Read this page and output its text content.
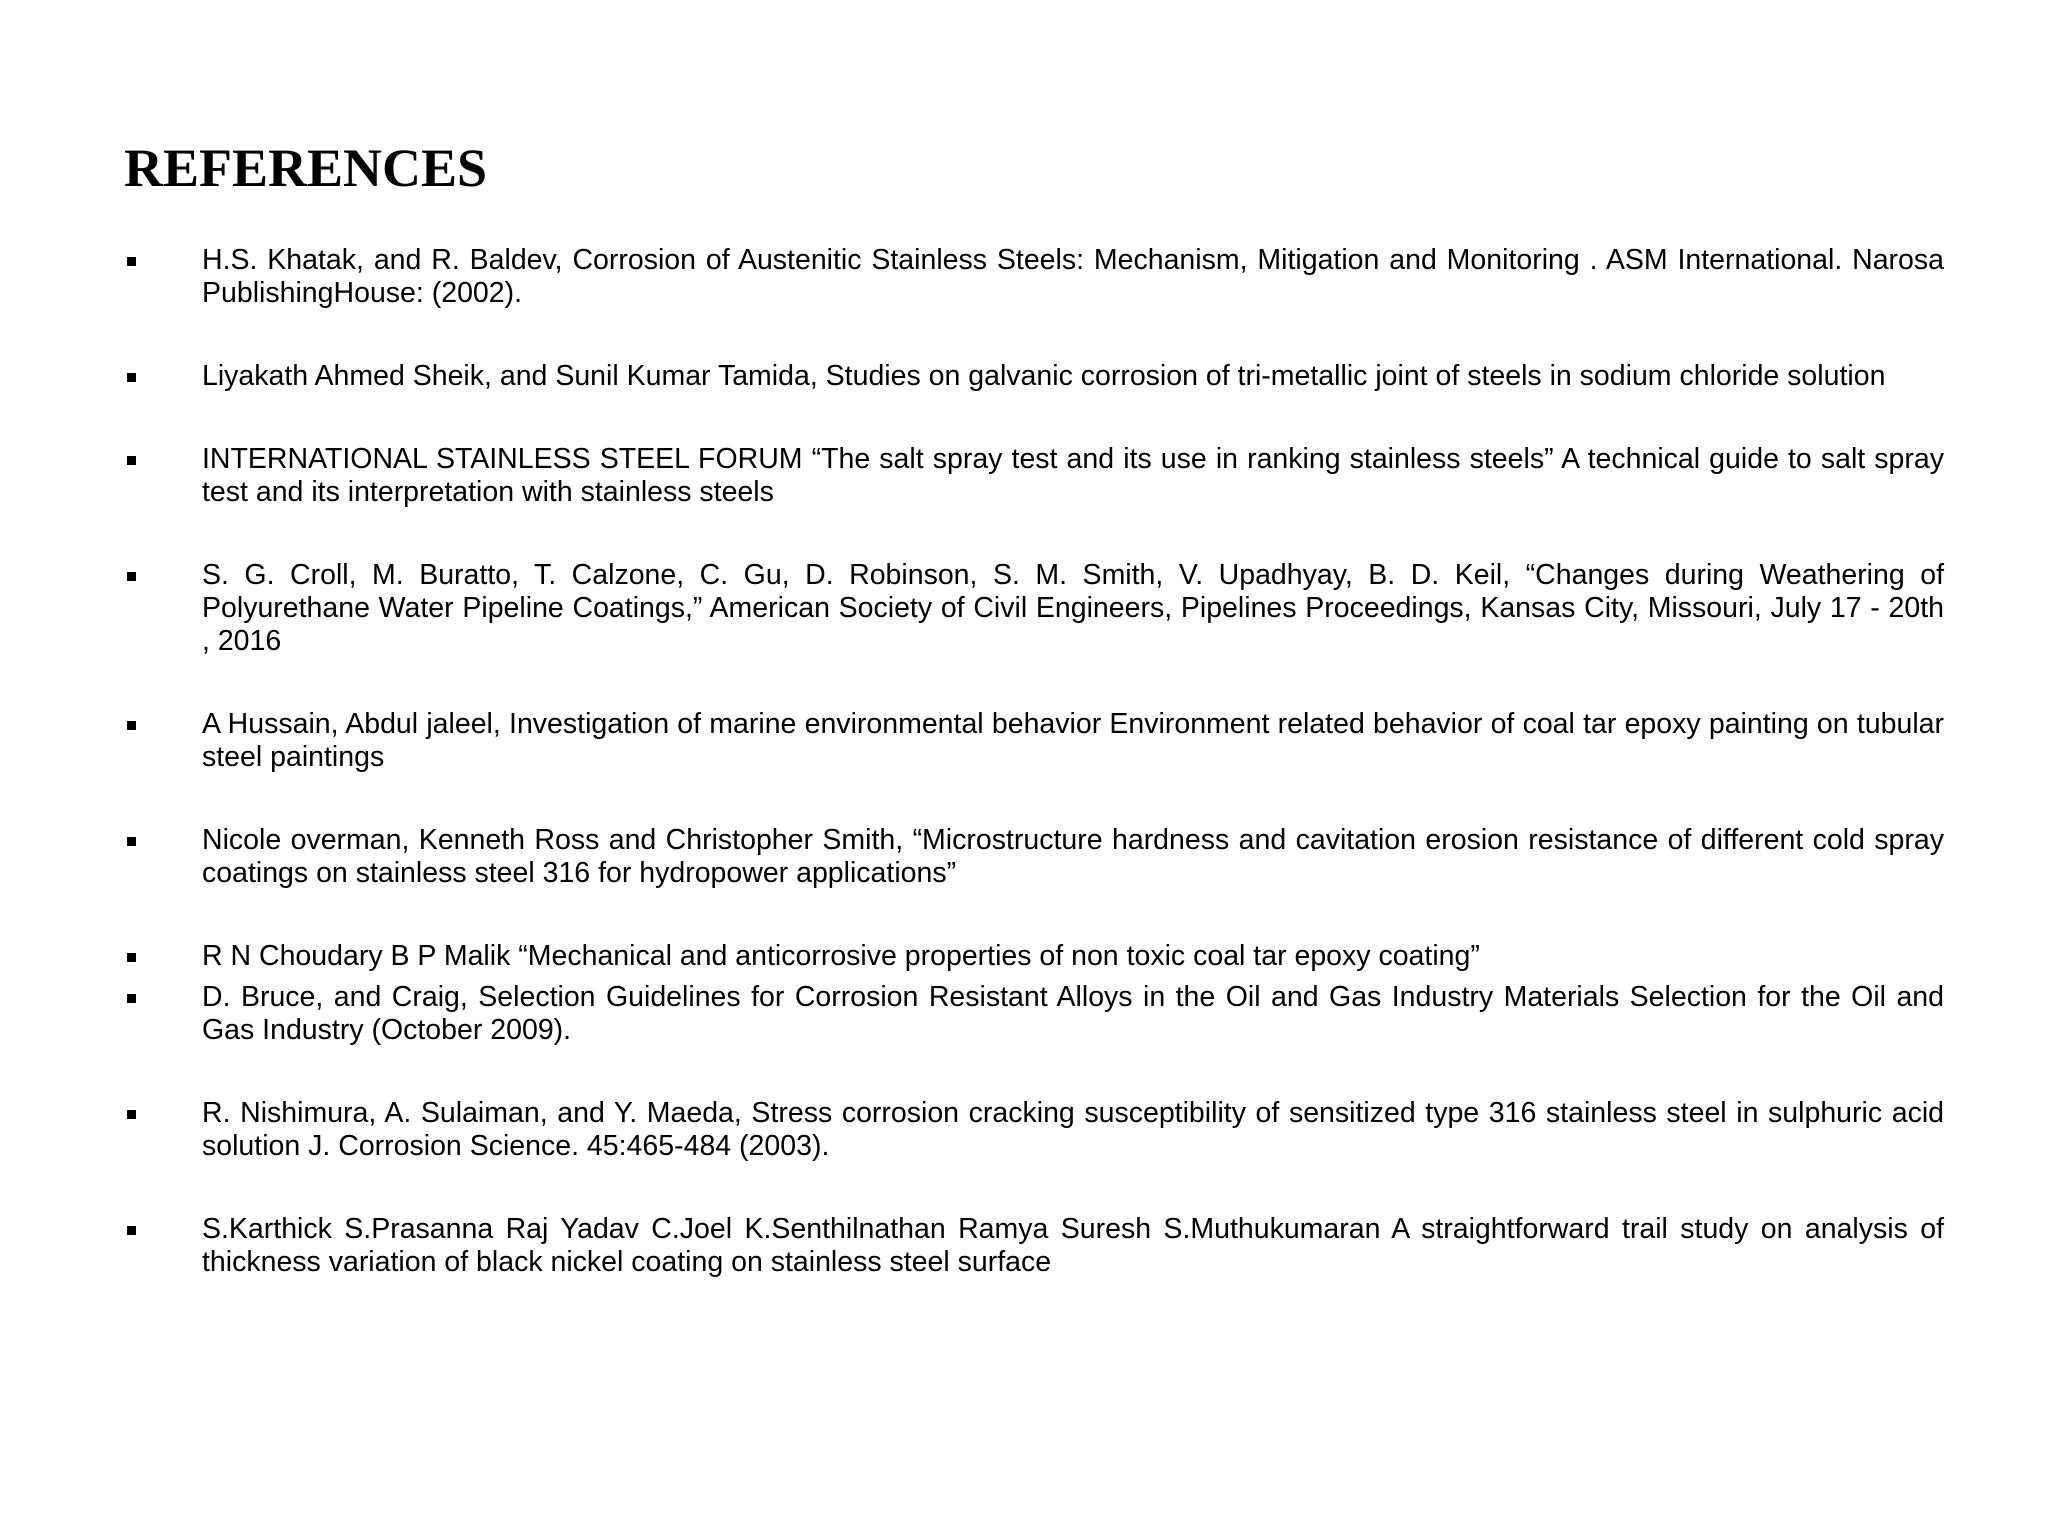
REFERENCES
H.S. Khatak, and R. Baldev, Corrosion of Austenitic Stainless Steels: Mechanism, Mitigation and Monitoring . ASM International. Narosa PublishingHouse: (2002).
Liyakath Ahmed Sheik, and Sunil Kumar Tamida, Studies on galvanic corrosion of tri-metallic joint of steels in sodium chloride solution
INTERNATIONAL STAINLESS STEEL FORUM “The salt spray test and its use in ranking stainless steels” A technical guide to salt spray test and its interpretation with stainless steels
S. G. Croll, M. Buratto, T. Calzone, C. Gu, D. Robinson, S. M. Smith, V. Upadhyay, B. D. Keil, “Changes during Weathering of Polyurethane Water Pipeline Coatings,” American Society of Civil Engineers, Pipelines Proceedings, Kansas City, Missouri, July 17 - 20th , 2016
A Hussain, Abdul jaleel, Investigation of marine environmental behavior Environment related behavior of coal tar epoxy painting on tubular steel paintings
Nicole overman, Kenneth Ross and Christopher Smith, “Microstructure hardness and cavitation erosion resistance of different cold spray coatings on stainless steel 316 for hydropower applications”
R N Choudary B P Malik “Mechanical and anticorrosive properties of non toxic coal tar epoxy coating”
D. Bruce, and Craig, Selection Guidelines for Corrosion Resistant Alloys in the Oil and Gas Industry Materials Selection for the Oil and Gas Industry (October 2009).
R. Nishimura, A. Sulaiman, and Y. Maeda, Stress corrosion cracking susceptibility of sensitized type 316 stainless steel in sulphuric acid solution J. Corrosion Science. 45:465-484 (2003).
S.Karthick S.Prasanna Raj Yadav C.Joel K.Senthilnathan Ramya Suresh S.Muthukumaran A straightforward trail study on analysis of thickness variation of black nickel coating on stainless steel surface
